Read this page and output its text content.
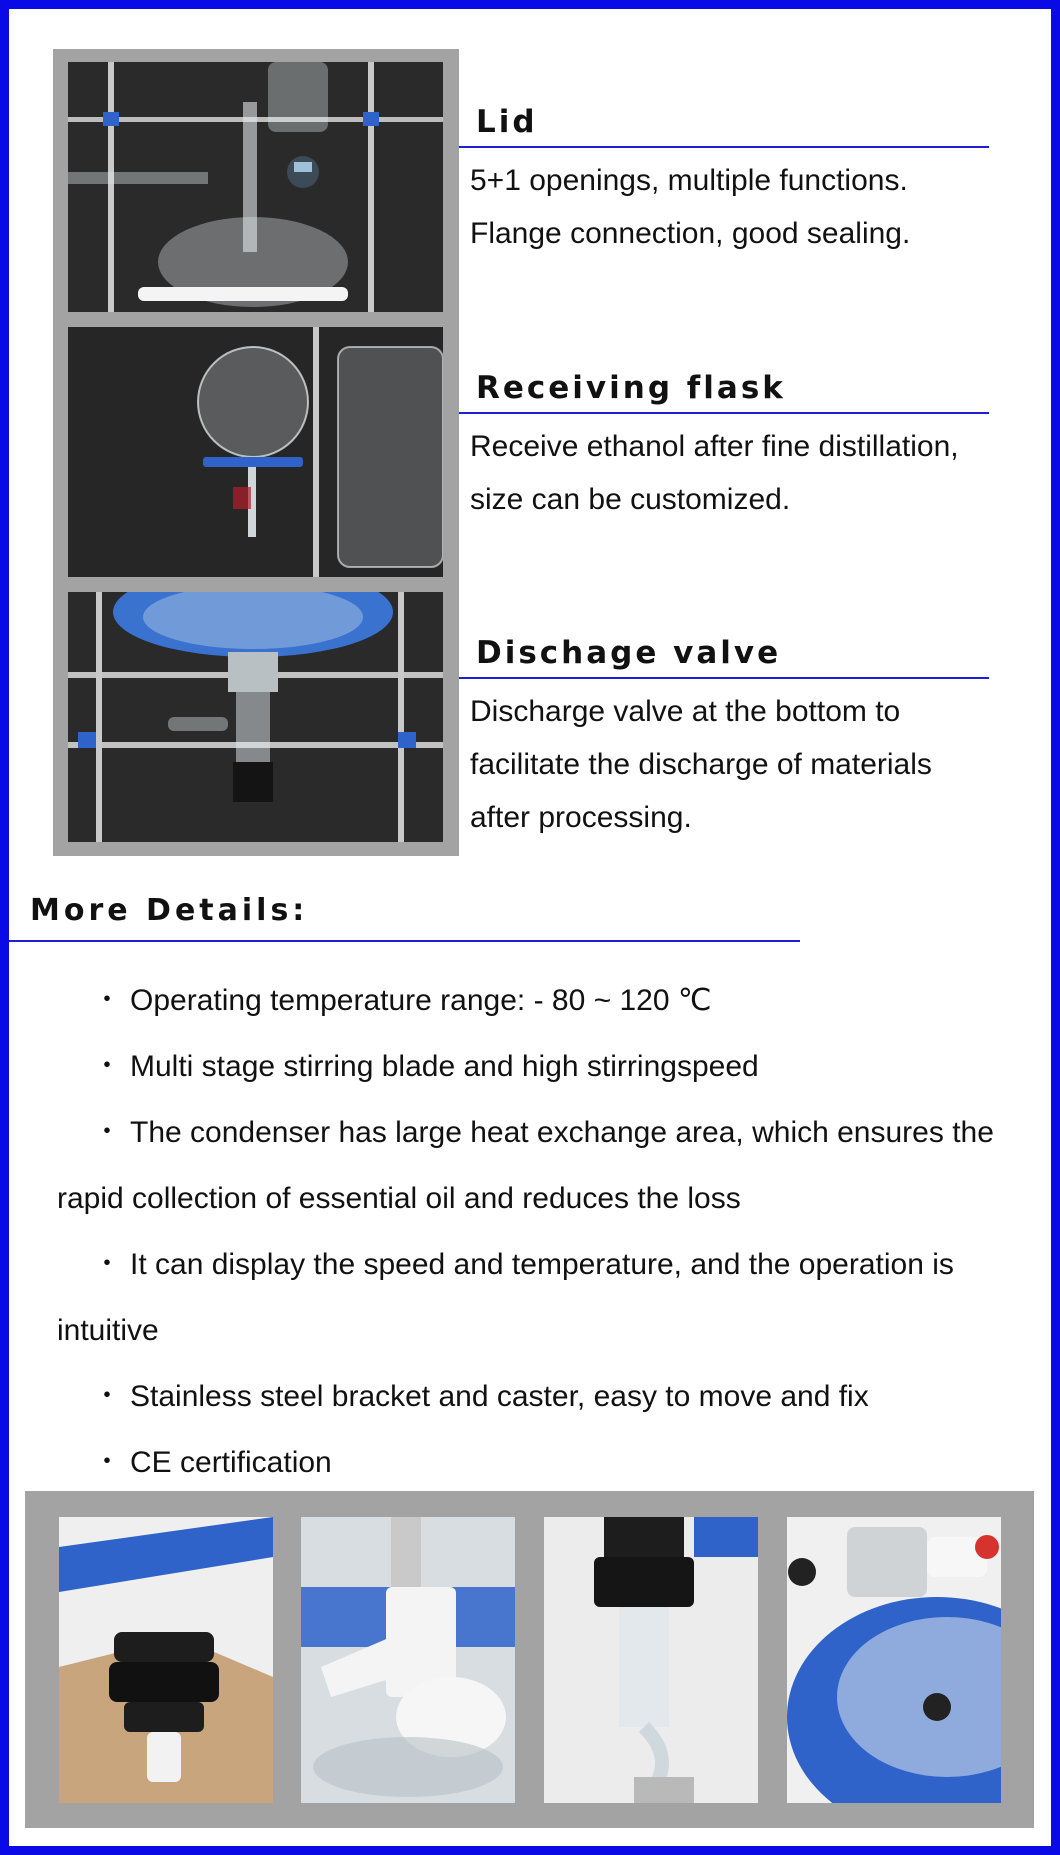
Lid
5+1 openings, multiple functions.
Flange connection, good sealing.
Receiving flask
Receive ethanol after fine distillation,
size can be customized.
Dischage valve
Discharge valve at the bottom to
facilitate the discharge of materials
after processing.
More Details:
・ Operating temperature range: - 80 ~ 120 ℃
・ Multi stage stirring blade and high stirringspeed
・ The condenser has large heat exchange area, which ensures the rapid collection of essential oil and reduces the loss
・ It can display the speed and temperature, and the operation is intuitive
・ Stainless steel bracket and caster, easy to move and fix
・ CE certification
